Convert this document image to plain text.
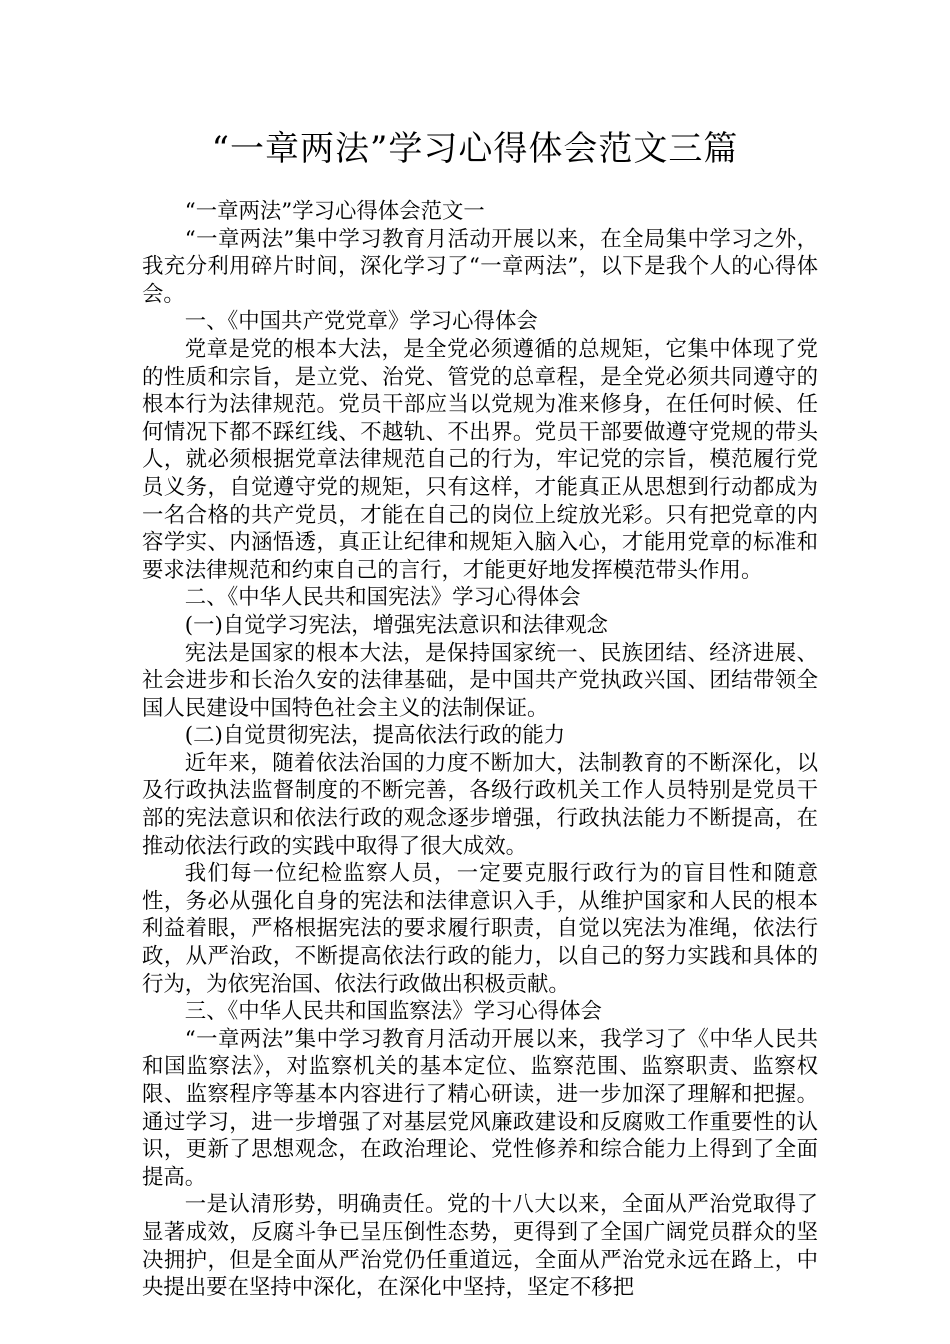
“一章两法”学习心得体会范文三篇

“一章两法”学习心得体会范文一

“一章两法”集中学习教育月活动开展以来，在全局集中学习之外，我充分利用碎片时间，深化学习了“一章两法”，以下是我个人的心得体会。

一、《中国共产党党章》学习心得体会

党章是党的根本大法，是全党必须遵循的总规矩，它集中体现了党的性质和宗旨，是立党、治党、管党的总章程，是全党必须共同遵守的根本行为法律规范。党员干部应当以党规为准来修身，在任何时候、任何情况下都不踩红线、不越轨、不出界。党员干部要做遵守党规的带头人，就必须根据党章法律规范自己的行为，牢记党的宗旨，模范履行党员义务，自觉遵守党的规矩，只有这样，才能真正从思想到行动都成为一名合格的共产党员，才能在自己的岗位上绽放光彩。只有把党章的内容学实、内涵悟透，真正让纪律和规矩入脑入心，才能用党章的标准和要求法律规范和约束自己的言行，才能更好地发挥模范带头作用。

二、《中华人民共和国宪法》学习心得体会

(一)自觉学习宪法，增强宪法意识和法律观念

宪法是国家的根本大法，是保持国家统一、民族团结、经济进展、社会进步和长治久安的法律基础，是中国共产党执政兴国、团结带领全国人民建设中国特色社会主义的法制保证。

(二)自觉贯彻宪法，提高依法行政的能力

近年来，随着依法治国的力度不断加大，法制教育的不断深化，以及行政执法监督制度的不断完善，各级行政机关工作人员特别是党员干部的宪法意识和依法行政的观念逐步增强，行政执法能力不断提高，在推动依法行政的实践中取得了很大成效。

我们每一位纪检监察人员，一定要克服行政行为的盲目性和随意性，务必从强化自身的宪法和法律意识入手，从维护国家和人民的根本利益着眼，严格根据宪法的要求履行职责，自觉以宪法为准绳，依法行政，从严治政，不断提高依法行政的能力，以自己的努力实践和具体的行为，为依宪治国、依法行政做出积极贡献。

三、《中华人民共和国监察法》学习心得体会

“一章两法”集中学习教育月活动开展以来，我学习了《中华人民共和国监察法》，对监察机关的基本定位、监察范围、监察职责、监察权限、监察程序等基本内容进行了精心研读，进一步加深了理解和把握。通过学习，进一步增强了对基层党风廉政建设和反腐败工作重要性的认识，更新了思想观念，在政治理论、党性修养和综合能力上得到了全面提高。

一是认清形势，明确责任。党的十八大以来，全面从严治党取得了显著成效，反腐斗争已呈压倒性态势，更得到了全国广阔党员群众的坚决拥护，但是全面从严治党仍任重道远，全面从严治党永远在路上，中央提出要在坚持中深化，在深化中坚持，坚定不移把
